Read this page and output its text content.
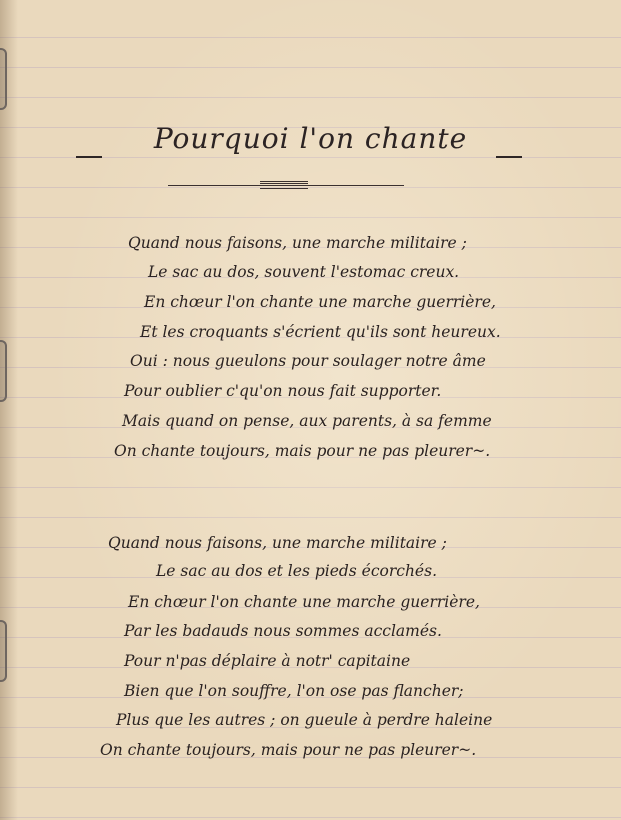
Pourquoi l'on chante
Quand nous faisons, une marche militaire ;
Le sac au dos, souvent l'estomac creux.
En chœur l'on chante une marche guerrière,
Et les croquants s'écrient qu'ils sont heureux.
Oui : nous gueulons pour soulager notre âme
Pour oublier c'qu'on nous fait supporter.
Mais quand on pense, aux parents, à sa femme
On chante toujours, mais pour ne pas pleurer~.
Quand nous faisons, une marche militaire ;
Le sac au dos et les pieds écorchés.
En chœur l'on chante une marche guerrière,
Par les badauds nous sommes acclamés.
Pour n'pas déplaire à notr' capitaine
Bien que l'on souffre, l'on ose pas flancher;
Plus que les autres ; on gueule à perdre haleine
On chante toujours, mais pour ne pas pleurer~.
